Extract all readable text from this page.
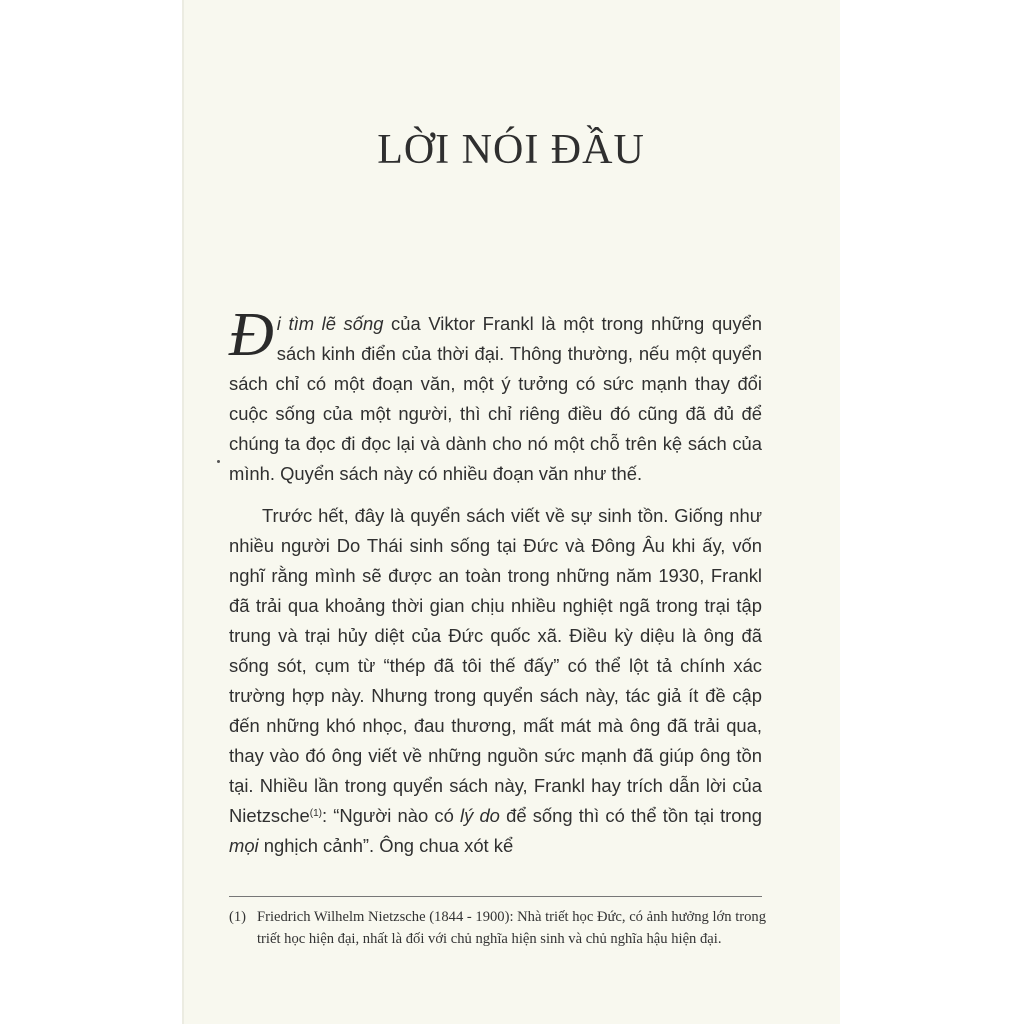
LỜI NÓI ĐẦU

Đi tìm lẽ sống của Viktor Frankl là một trong những quyển sách kinh điển của thời đại. Thông thường, nếu một quyển sách chỉ có một đoạn văn, một ý tưởng có sức mạnh thay đổi cuộc sống của một người, thì chỉ riêng điều đó cũng đã đủ để chúng ta đọc đi đọc lại và dành cho nó một chỗ trên kệ sách của mình. Quyển sách này có nhiều đoạn văn như thế.

Trước hết, đây là quyển sách viết về sự sinh tồn. Giống như nhiều người Do Thái sinh sống tại Đức và Đông Âu khi ấy, vốn nghĩ rằng mình sẽ được an toàn trong những năm 1930, Frankl đã trải qua khoảng thời gian chịu nhiều nghiệt ngã trong trại tập trung và trại hủy diệt của Đức quốc xã. Điều kỳ diệu là ông đã sống sót, cụm từ “thép đã tôi thế đấy” có thể lột tả chính xác trường hợp này. Nhưng trong quyển sách này, tác giả ít đề cập đến những khó nhọc, đau thương, mất mát mà ông đã trải qua, thay vào đó ông viết về những nguồn sức mạnh đã giúp ông tồn tại. Nhiều lần trong quyển sách này, Frankl hay trích dẫn lời của Nietzsche$^{(1)}$: “Người nào có lý do để sống thì có thể tồn tại trong mọi nghịch cảnh”. Ông chua xót kể

(1) Friedrich Wilhelm Nietzsche (1844 - 1900): Nhà triết học Đức, có ảnh hưởng lớn trong triết học hiện đại, nhất là đối với chủ nghĩa hiện sinh và chủ nghĩa hậu hiện đại.
